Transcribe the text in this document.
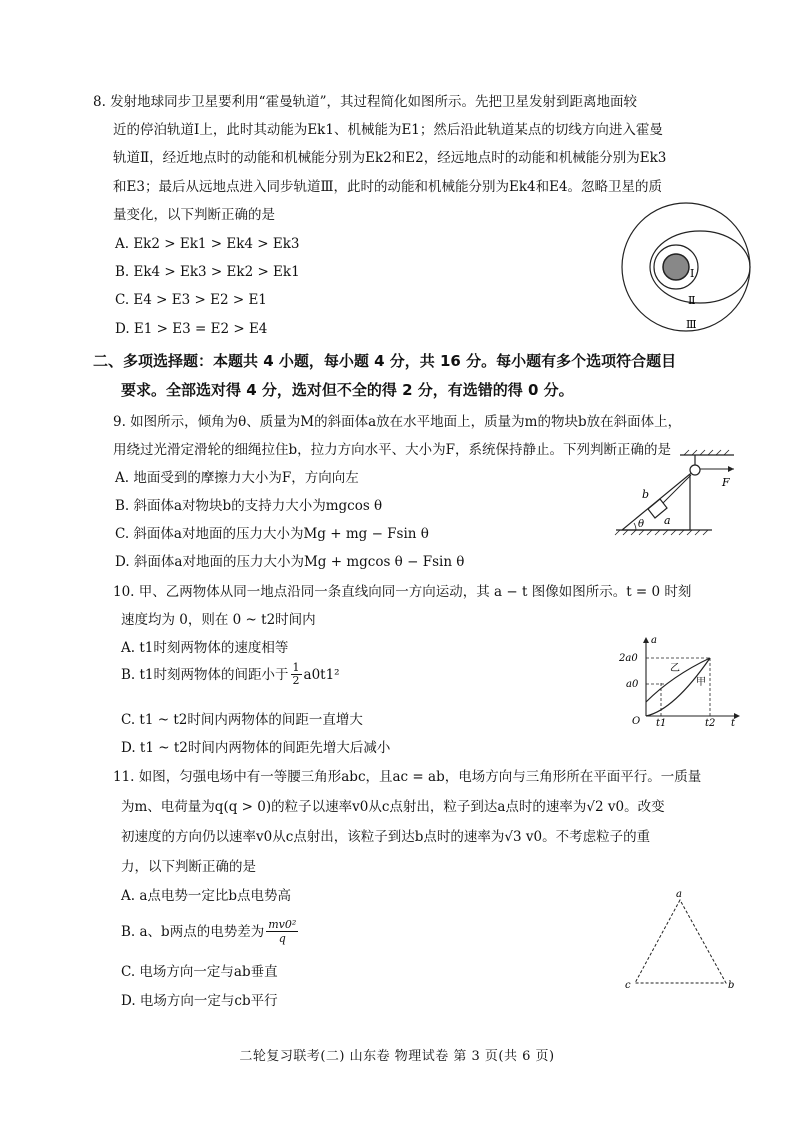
8. 发射地球同步卫星要利用“霍曼轨道”，其过程简化如图所示。先把卫星发射到距离地面较
近的停泊轨道Ⅰ上，此时其动能为Ek1、机械能为E1；然后沿此轨道某点的切线方向进入霍曼
轨道Ⅱ，经近地点时的动能和机械能分别为Ek2和E2，经远地点时的动能和机械能分别为Ek3
和E3；最后从远地点进入同步轨道Ⅲ，此时的动能和机械能分别为Ek4和E4。忽略卫星的质
量变化，以下判断正确的是
A. Ek2 > Ek1 > Ek4 > Ek3
B. Ek4 > Ek3 > Ek2 > Ek1
C. E4 > E3 > E2 > E1
D. E1 > E3 = E2 > E4
Ⅰ
Ⅱ
Ⅲ
二、多项选择题：本题共 4 小题，每小题 4 分，共 16 分。每小题有多个选项符合题目
要求。全部选对得 4 分，选对但不全的得 2 分，有选错的得 0 分。
9. 如图所示，倾角为θ、质量为M的斜面体a放在水平地面上，质量为m的物块b放在斜面体上，
用绕过光滑定滑轮的细绳拉住b，拉力方向水平、大小为F，系统保持静止。下列判断正确的是
A. 地面受到的摩擦力大小为F，方向向左
B. 斜面体a对物块b的支持力大小为mgcos θ
C. 斜面体a对地面的压力大小为Mg + mg − Fsin θ
D. 斜面体a对地面的压力大小为Mg + mgcos θ − Fsin θ
θ a
b
F
10. 甲、乙两物体从同一地点沿同一条直线向同一方向运动，其 a − t 图像如图所示。t = 0 时刻
速度均为 0，则在 0 ~ t2时间内
A. t1时刻两物体的速度相等
B. t1时刻两物体的间距小于 $\frac{1}{2} a0t1^2$
C. t1 ~ t2时间内两物体的间距一直增大
D. t1 ~ t2时间内两物体的间距先增大后减小
a
t
2a0
a0
O t1	t2
乙
甲
11. 如图，匀强电场中有一等腰三角形abc，且ac = ab，电场方向与三角形所在平面平行。一质量
为m、电荷量为q(q > 0)的粒子以速率v0从c点射出，粒子到达a点时的速率为√2 v0。改变
初速度的方向仍以速率v0从c点射出，该粒子到达b点时的速率为√3 v0。不考虑粒子的重
力，以下判断正确的是
A. a点电势一定比b点电势高
B. a、b两点的电势差为 $\frac{\text{mv0²}}{q}$
C. 电场方向一定与ab垂直
D. 电场方向一定与cb平行
a
c	b
二轮复习联考(二) 山东卷 物理试卷 第 3 页(共 6 页)
